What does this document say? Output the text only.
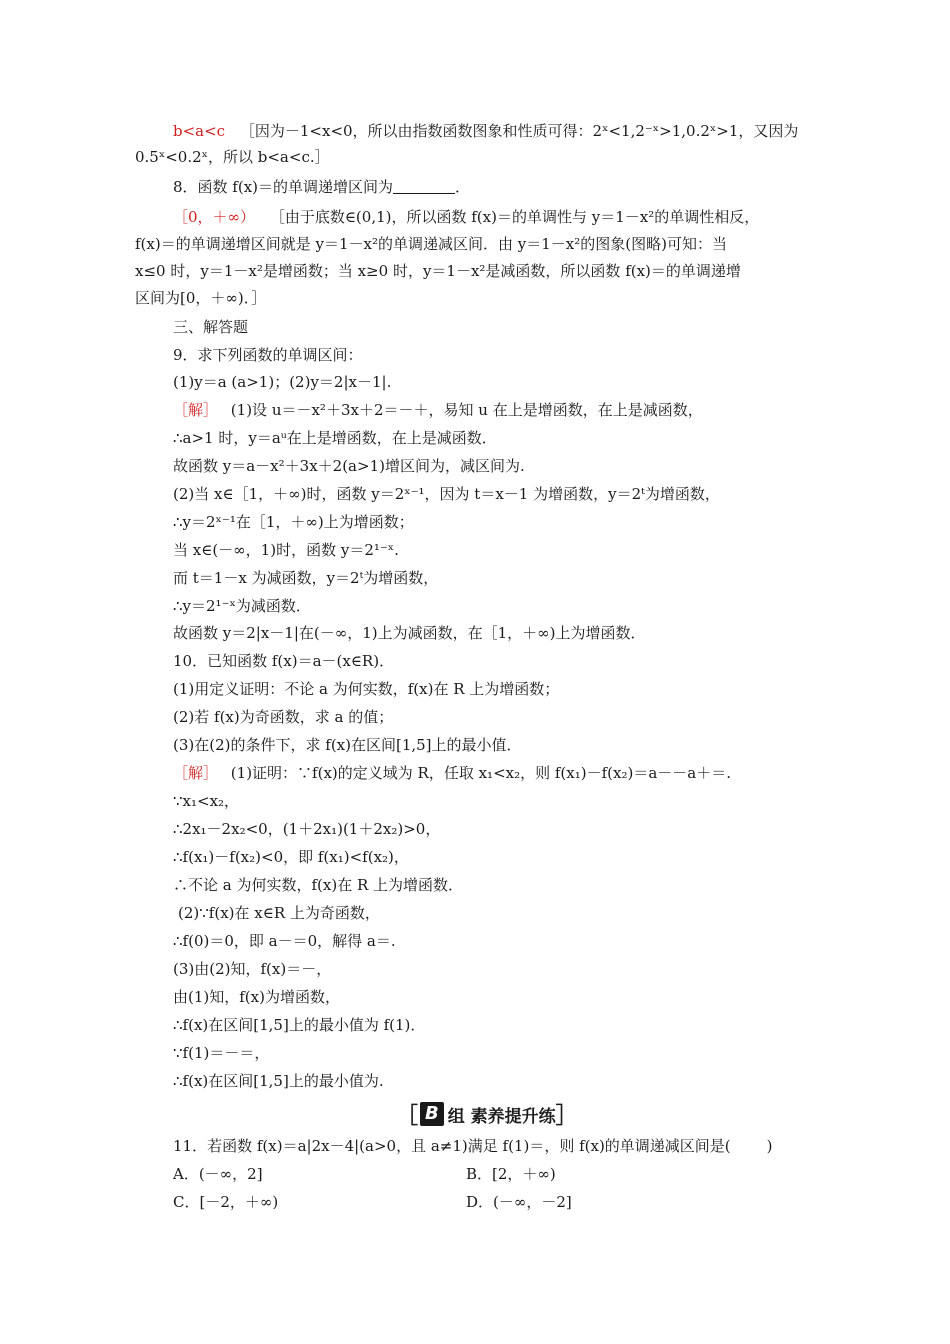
b<a<c ［因为－1<x<0，所以由指数函数图象和性质可得：2ˣ<1,2⁻ˣ>1,0.2ˣ>1，又因为
0.5ˣ<0.2ˣ，所以 b<a<c.］
8．函数 f(x)＝的单调递增区间为	．
［0，＋∞） ［由于底数∈(0,1)，所以函数 f(x)＝的单调性与 y＝1－x²的单调性相反，
f(x)＝的单调递增区间就是 y＝1－x²的单调递减区间．由 y＝1－x²的图象(图略)可知：当
x≤0 时，y＝1－x²是增函数；当 x≥0 时，y＝1－x²是减函数，所以函数 f(x)＝的单调递增
区间为[0，＋∞)．］
三、解答题
9．求下列函数的单调区间：
(1)y＝a (a>1)；(2)y＝2|x－1|.
［解］ (1)设 u＝－x²＋3x＋2＝－＋，易知 u 在上是增函数，在上是减函数，
∴a>1 时，y＝aᵘ在上是增函数，在上是减函数．
故函数 y＝a－x²＋3x＋2(a>1)增区间为，减区间为.
(2)当 x∈［1，＋∞)时，函数 y＝2ˣ⁻¹，因为 t＝x－1 为增函数，y＝2ᵗ为增函数，
∴y＝2ˣ⁻¹在［1，＋∞)上为增函数；
当 x∈(－∞，1)时，函数 y＝2¹⁻ˣ.
而 t＝1－x 为减函数，y＝2ᵗ为增函数，
∴y＝2¹⁻ˣ为减函数．
故函数 y＝2|x－1|在(－∞，1)上为减函数，在［1，＋∞)上为增函数．
10．已知函数 f(x)＝a－(x∈R)．
(1)用定义证明：不论 a 为何实数，f(x)在 R 上为增函数；
(2)若 f(x)为奇函数，求 a 的值；
(3)在(2)的条件下，求 f(x)在区间[1,5]上的最小值．
［解］ (1)证明：∵f(x)的定义域为 R，任取 x₁<x₂，则 f(x₁)－f(x₂)＝a－－a＋＝.
∵x₁<x₂，
∴2x₁－2x₂<0，(1＋2x₁)(1＋2x₂)>0，
∴f(x₁)－f(x₂)<0，即 f(x₁)<f(x₂)，
∴不论 a 为何实数，f(x)在 R 上为增函数．
(2)∵f(x)在 x∈R 上为奇函数，
∴f(0)＝0，即 a－＝0，解得 a＝.
(3)由(2)知，f(x)＝－，
由(1)知，f(x)为增函数，
∴f(x)在区间[1,5]上的最小值为 f(1)．
∵f(1)＝－＝，
∴f(x)在区间[1,5]上的最小值为.
［ B 组 素养提升练 ］
11．若函数 f(x)＝a|2x－4|(a>0，且 a≠1)满足 f(1)＝，则 f(x)的单调递减区间是( )
A．(－∞，2]	B．[2，＋∞)
C．[－2，＋∞)	D．(－∞，－2]
